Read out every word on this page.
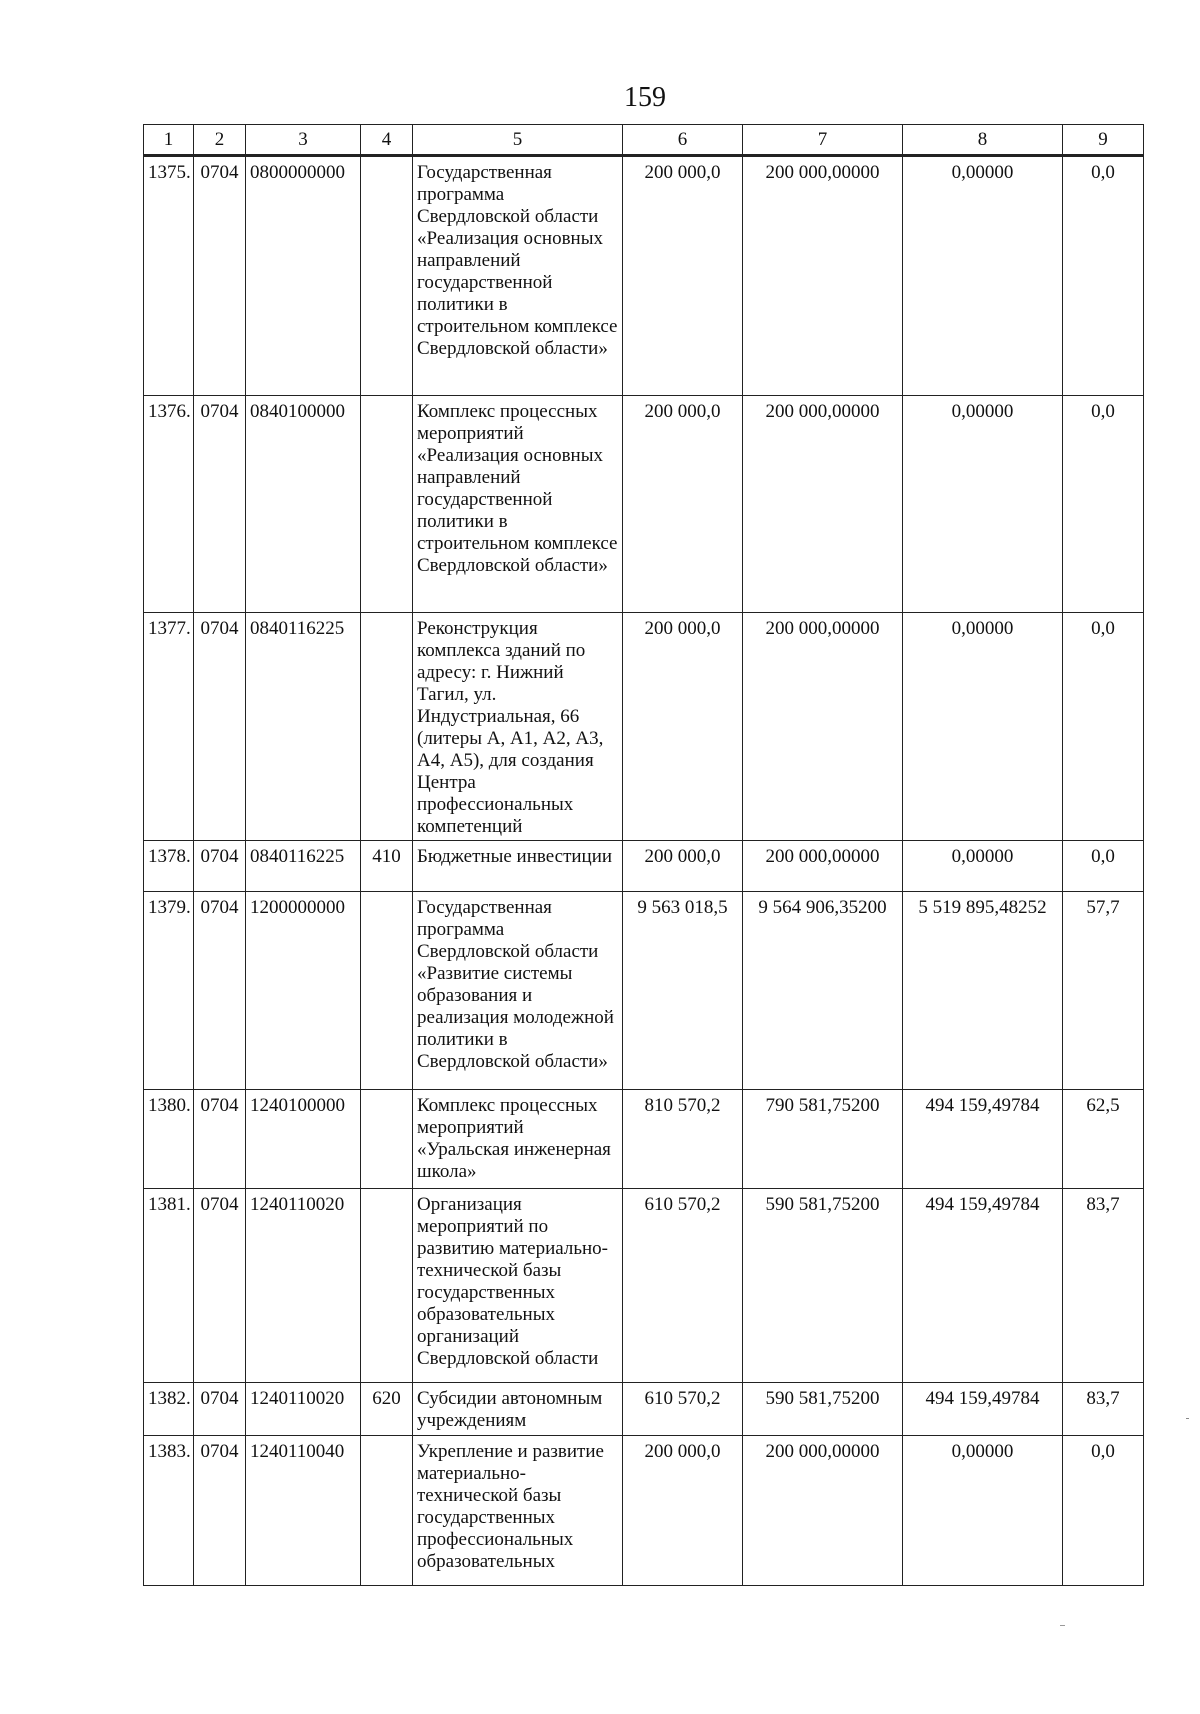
159
1	2	3	4	5	6	7	8	9
1375.	0704	0800000000		Государственная программа Свердловской области «Реализация основных направлений государственной политики в строительном комплексе Свердловской области»	200 000,0	200 000,00000	0,00000	0,0
1376.	0704	0840100000		Комплекс процессных мероприятий «Реализация основных направлений государственной политики в строительном комплексе Свердловской области»	200 000,0	200 000,00000	0,00000	0,0
1377.	0704	0840116225		Реконструкция комплекса зданий по адресу: г. Нижний Тагил, ул. Индустриальная, 66 (литеры А, А1, А2, А3, А4, А5), для создания Центра профессиональных компетенций	200 000,0	200 000,00000	0,00000	0,0
1378.	0704	0840116225	410	Бюджетные инвестиции	200 000,0	200 000,00000	0,00000	0,0
1379.	0704	1200000000		Государственная программа Свердловской области «Развитие системы образования и реализация молодежной политики в Свердловской области»	9 563 018,5	9 564 906,35200	5 519 895,48252	57,7
1380.	0704	1240100000		Комплекс процессных мероприятий «Уральская инженерная школа»	810 570,2	790 581,75200	494 159,49784	62,5
1381.	0704	1240110020		Организация мероприятий по развитию материально-технической базы государственных образовательных организаций Свердловской области	610 570,2	590 581,75200	494 159,49784	83,7
1382.	0704	1240110020	620	Субсидии автономным учреждениям	610 570,2	590 581,75200	494 159,49784	83,7
1383.	0704	1240110040		Укрепление и развитие материально-технической базы государственных профессиональных образовательных	200 000,0	200 000,00000	0,00000	0,0
